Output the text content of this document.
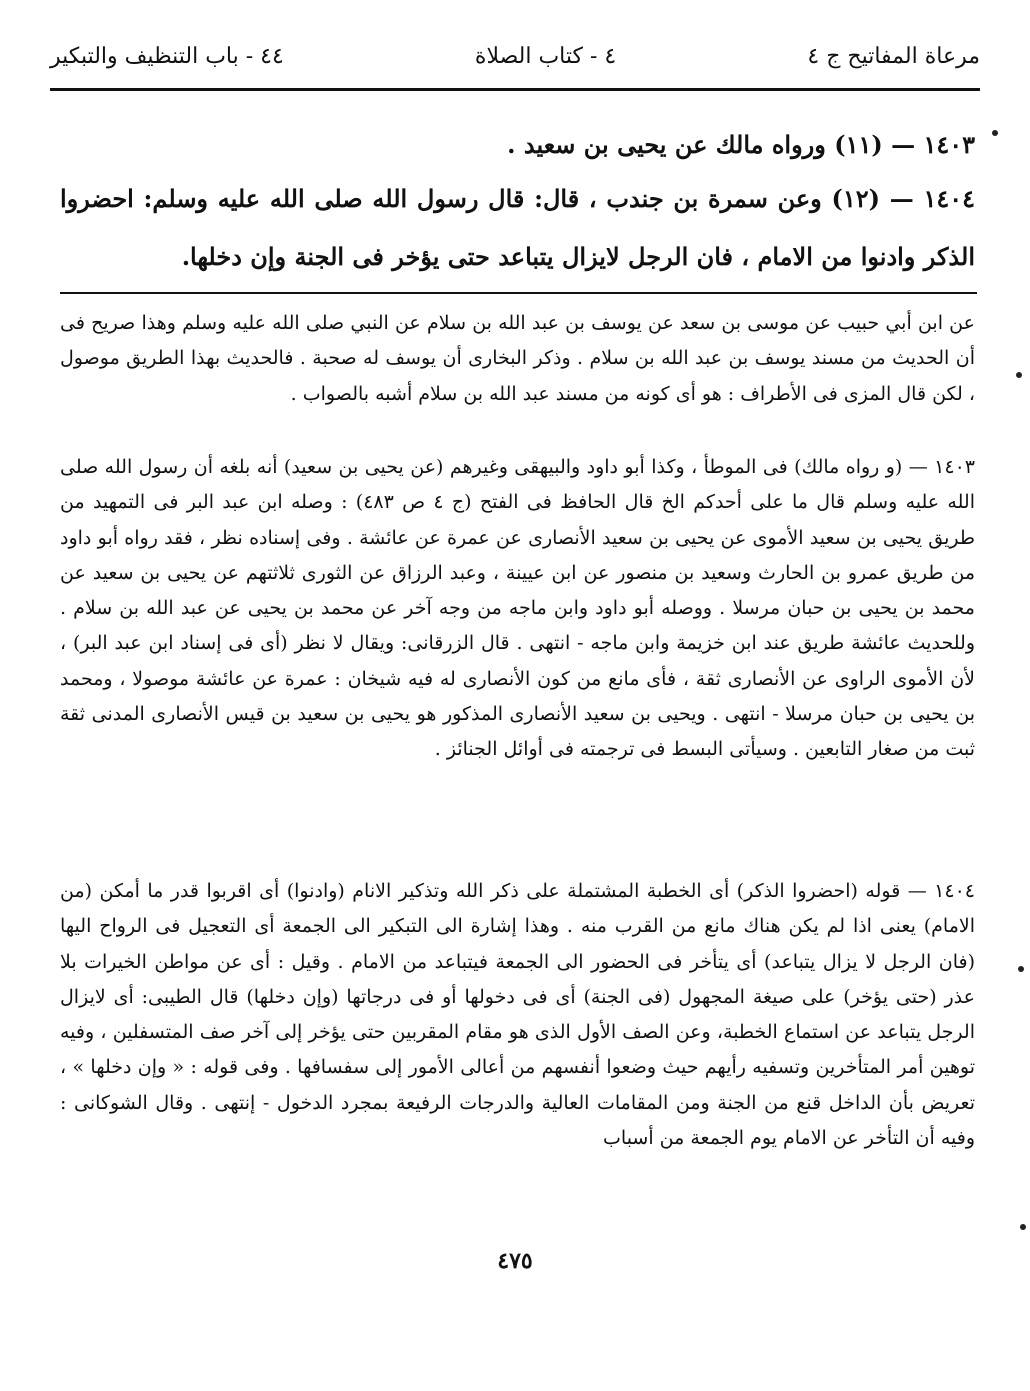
مرعاة المفاتيح ج ٤
٤ - كتاب الصلاة
٤٤ - باب التنظيف والتبكير
١٤٠٣ — (١١) ورواه مالك عن يحيى بن سعيد .
١٤٠٤ — (١٢) وعن سمرة بن جندب ، قال: قال رسول الله صلى الله عليه وسلم: احضروا الذكر وادنوا من الامام ، فان الرجل لايزال يتباعد حتى يؤخر فى الجنة وإن دخلها.
عن ابن أبي حبيب عن موسى بن سعد عن يوسف بن عبد الله بن سلام عن النبي صلى الله عليه وسلم وهذا صريح فى أن الحديث من مسند يوسف بن عبد الله بن سلام . وذكر البخارى أن يوسف له صحبة . فالحديث بهذا الطريق موصول ، لكن قال المزى فى الأطراف : هو أى كونه من مسند عبد الله بن سلام أشبه بالصواب .
١٤٠٣ — (و رواه مالك) فى الموطأ ، وكذا أبو داود والبيهقى وغيرهم (عن يحيى بن سعيد) أنه بلغه أن رسول الله صلى الله عليه وسلم قال ما على أحدكم الخ قال الحافظ فى الفتح (ج ٤ ص ٤٨٣) : وصله ابن عبد البر فى التمهيد من طريق يحيى بن سعيد الأموى عن يحيى بن سعيد الأنصارى عن عمرة عن عائشة . وفى إسناده نظر ، فقد رواه أبو داود من طريق عمرو بن الحارث وسعيد بن منصور عن ابن عيينة ، وعبد الرزاق عن الثورى ثلاثتهم عن يحيى بن سعيد عن محمد بن يحيى بن حبان مرسلا . ووصله أبو داود وابن ماجه من وجه آخر عن محمد بن يحيى عن عبد الله بن سلام . وللحديث عائشة طريق عند ابن خزيمة وابن ماجه - انتهى . قال الزرقانى: ويقال لا نظر (أى فى إسناد ابن عبد البر) ، لأن الأموى الراوى عن الأنصارى ثقة ، فأى مانع من كون الأنصارى له فيه شيخان : عمرة عن عائشة موصولا ، ومحمد بن يحيى بن حبان مرسلا - انتهى . ويحيى بن سعيد الأنصارى المذكور هو يحيى بن سعيد بن قيس الأنصارى المدنى ثقة ثبت من صغار التابعين . وسيأتى البسط فى ترجمته فى أوائل الجنائز .
١٤٠٤ — قوله (احضروا الذكر) أى الخطبة المشتملة على ذكر الله وتذكير الانام (وادنوا) أى اقربوا قدر ما أمكن (من الامام) يعنى اذا لم يكن هناك مانع من القرب منه . وهذا إشارة الى التبكير الى الجمعة أى التعجيل فى الرواح اليها (فان الرجل لا يزال يتباعد) أى يتأخر فى الحضور الى الجمعة فيتباعد من الامام . وقيل : أى عن مواطن الخيرات بلا عذر (حتى يؤخر) على صيغة المجهول (فى الجنة) أى فى دخولها أو فى درجاتها (وإن دخلها) قال الطيبى: أى لايزال الرجل يتباعد عن استماع الخطبة، وعن الصف الأول الذى هو مقام المقربين حتى يؤخر إلى آخر صف المتسفلين ، وفيه توهين أمر المتأخرين وتسفيه رأيهم حيث وضعوا أنفسهم من أعالى الأمور إلى سفسافها . وفى قوله : « وإن دخلها » ، تعريض بأن الداخل قنع من الجنة ومن المقامات العالية والدرجات الرفيعة بمجرد الدخول - إنتهى . وقال الشوكانى : وفيه أن التأخر عن الامام يوم الجمعة من أسباب
٤٧٥
